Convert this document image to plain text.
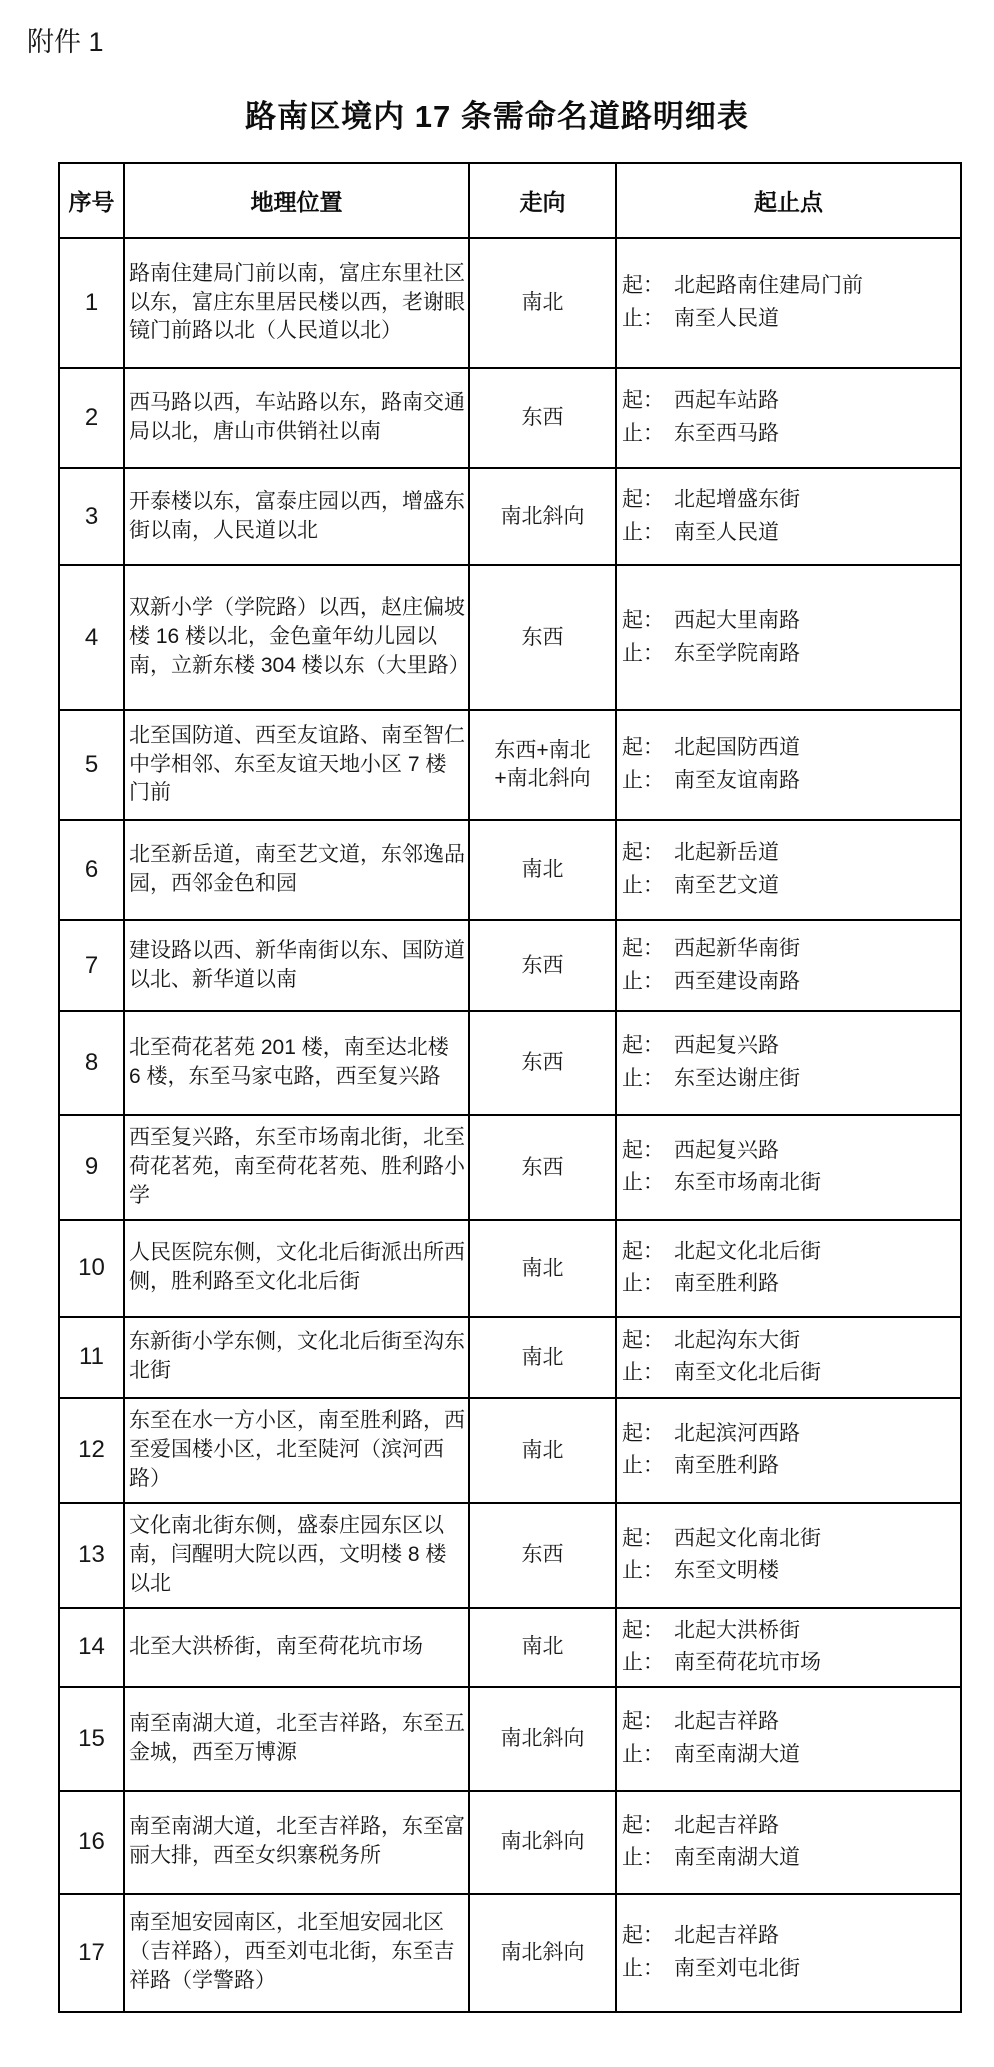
附件 1
路南区境内 17 条需命名道路明细表
序号	地理位置	走向	起止点
1	路南住建局门前以南，富庄东里社区以东，富庄东里居民楼以西，老谢眼镜门前路以北（人民道以北）	南北	起： 北起路南住建局门前
止： 南至人民道

2	西马路以西，车站路以东，路南交通局以北，唐山市供销社以南	东西	起： 西起车站路
止： 东至西马路

3	开泰楼以东，富泰庄园以西，增盛东街以南，人民道以北	南北斜向	起： 北起增盛东街
止： 南至人民道

4	双新小学（学院路）以西，赵庄偏坡楼 16 楼以北，金色童年幼儿园以南，立新东楼 304 楼以东（大里路）	东西	起： 西起大里南路
止： 东至学院南路

5	北至国防道、西至友谊路、南至智仁中学相邻、东至友谊天地小区 7 楼门前	东西+南北+南北斜向	起： 北起国防西道
止： 南至友谊南路

6	北至新岳道，南至艺文道，东邻逸品园，西邻金色和园	南北	起： 北起新岳道
止： 南至艺文道

7	建设路以西、新华南街以东、国防道以北、新华道以南	东西	起： 西起新华南街
止： 西至建设南路

8	北至荷花茗苑 201 楼，南至达北楼 6 楼，东至马家屯路，西至复兴路	东西	起： 西起复兴路
止： 东至达谢庄街

9	西至复兴路，东至市场南北街，北至荷花茗苑，南至荷花茗苑、胜利路小学	东西	起： 西起复兴路
止： 东至市场南北街

10	人民医院东侧，文化北后街派出所西侧，胜利路至文化北后街	南北	起： 北起文化北后街
止： 南至胜利路

11	东新街小学东侧，文化北后街至沟东北街	南北	起： 北起沟东大街
止： 南至文化北后街

12	东至在水一方小区，南至胜利路，西至爱国楼小区，北至陡河（滨河西路）	南北	起： 北起滨河西路
止： 南至胜利路

13	文化南北街东侧，盛泰庄园东区以南，闫醒明大院以西，文明楼 8 楼以北	东西	起： 西起文化南北街
止： 东至文明楼

14	北至大洪桥街，南至荷花坑市场	南北	起： 北起大洪桥街
止： 南至荷花坑市场

15	南至南湖大道，北至吉祥路，东至五金城，西至万博源	南北斜向	起： 北起吉祥路
止： 南至南湖大道

16	南至南湖大道，北至吉祥路，东至富丽大排，西至女织寨税务所	南北斜向	起： 北起吉祥路
止： 南至南湖大道

17	南至旭安园南区，北至旭安园北区（吉祥路），西至刘屯北街，东至吉祥路（学警路）	南北斜向	起： 北起吉祥路
止： 南至刘屯北街
